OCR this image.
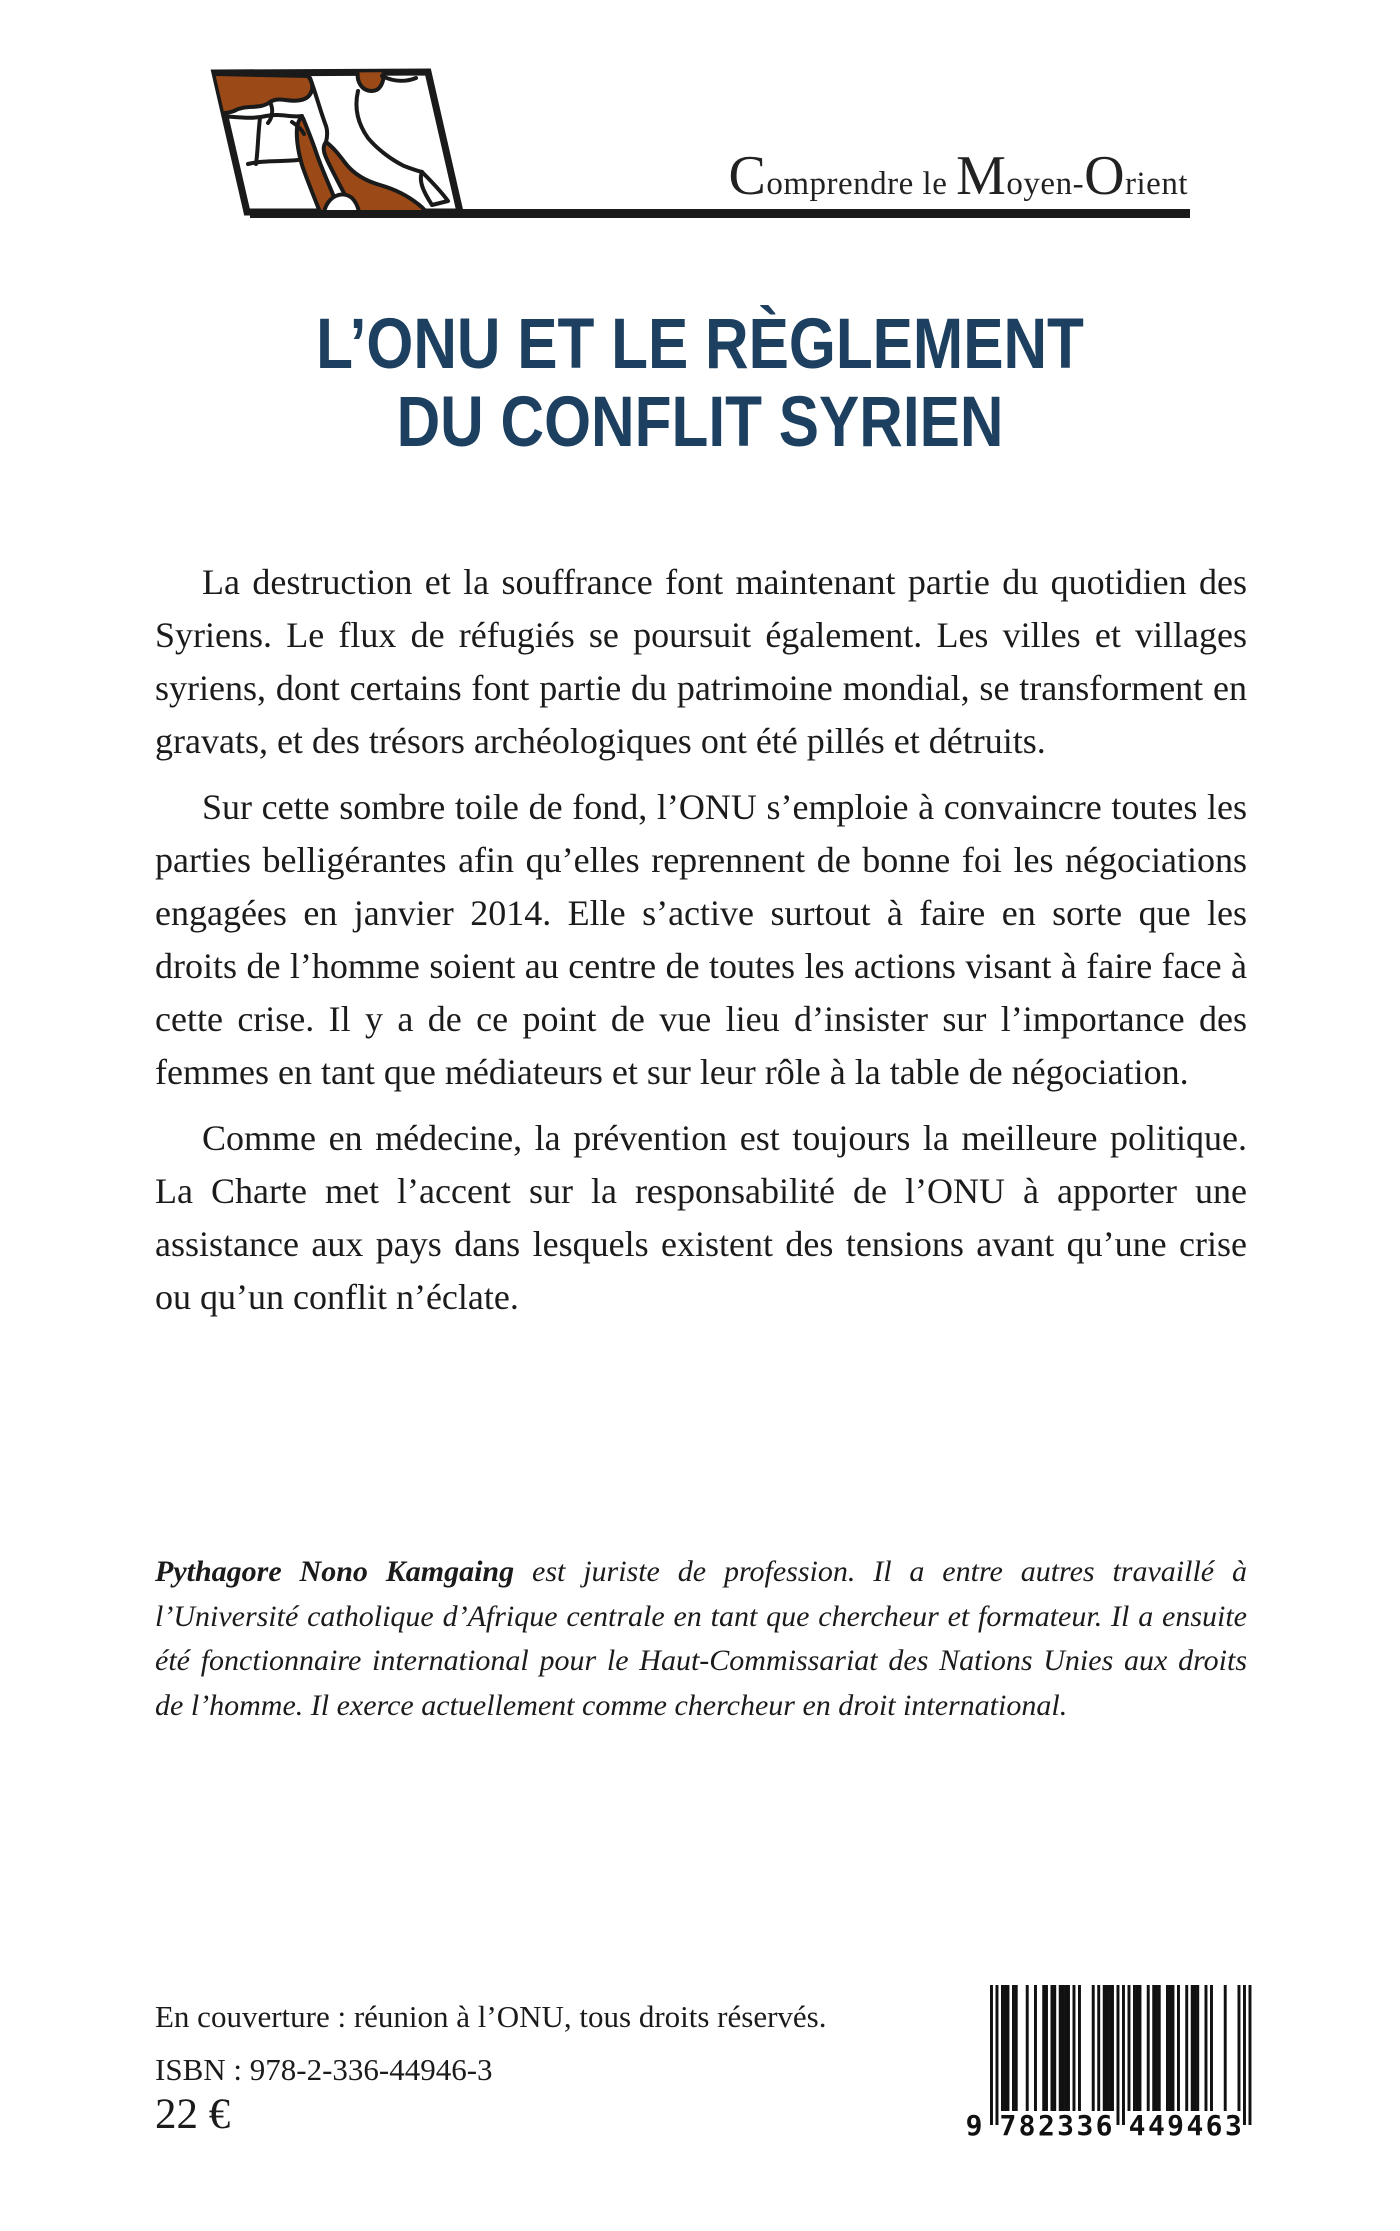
Comprendre le Moyen-Orient
L’ONU ET LE RÈGLEMENT
DU CONFLIT SYRIEN

La destruction et la souffrance font maintenant partie du quotidien des Syriens. Le flux de réfugiés se poursuit également. Les villes et villages syriens, dont certains font partie du patrimoine mondial, se transforment en gravats, et des trésors archéologiques ont été pillés et détruits.

Sur cette sombre toile de fond, l’ONU s’emploie à convaincre toutes les parties belligérantes afin qu’elles reprennent de bonne foi les négociations engagées en janvier 2014. Elle s’active surtout à faire en sorte que les droits de l’homme soient au centre de toutes les actions visant à faire face à cette crise. Il y a de ce point de vue lieu d’insister sur l’importance des femmes en tant que médiateurs et sur leur rôle à la table de négociation.

Comme en médecine, la prévention est toujours la meilleure politique. La Charte met l’accent sur la responsabilité de l’ONU à apporter une assistance aux pays dans lesquels existent des tensions avant qu’une crise ou qu’un conflit n’éclate.

Pythagore Nono Kamgaing est juriste de profession. Il a entre autres travaillé à l’Université catholique d’Afrique centrale en tant que chercheur et formateur. Il a ensuite été fonctionnaire international pour le Haut-Commissariat des Nations Unies aux droits de l’homme. Il exerce actuellement comme chercheur en droit international.
En couverture : réunion à l’ONU, tous droits réservés.
ISBN : 978-2-336-44946-3
22 €	9 7	4
8	4
2	9
3	4
3	6
6	3
